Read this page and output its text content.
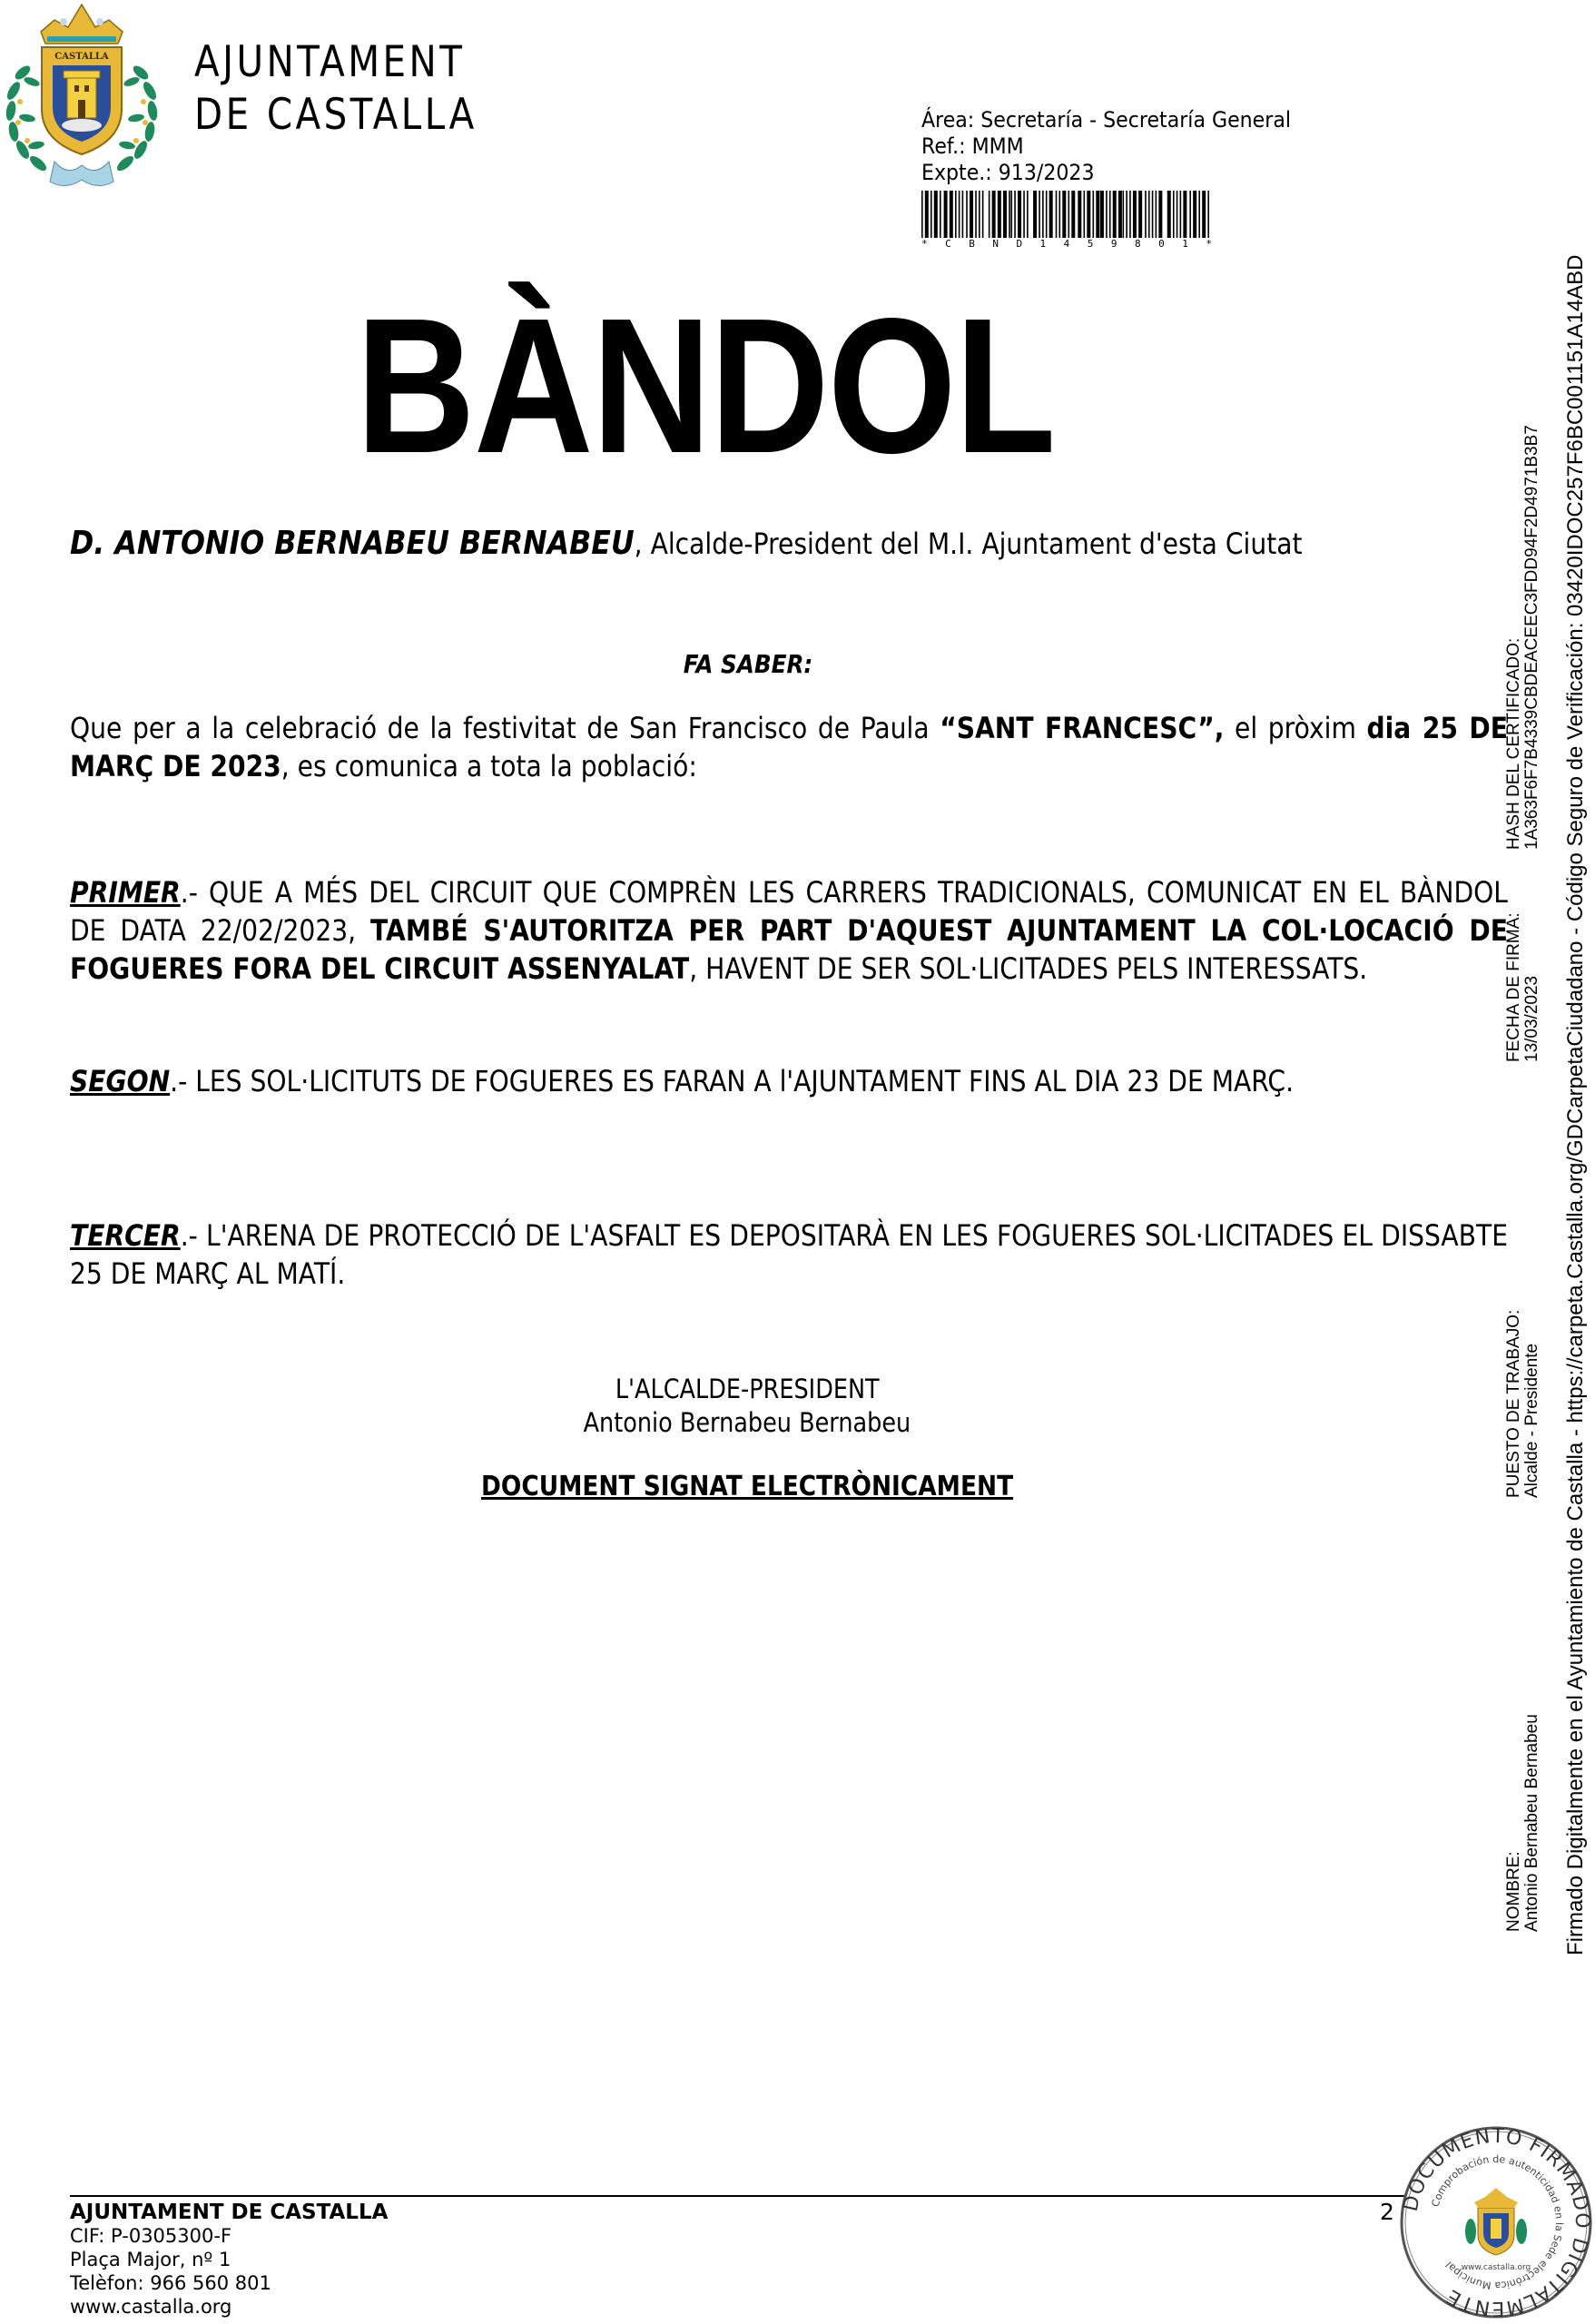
CASTALLA AJUNTAMENT
DE CASTALLA	Área: Secretaría - Secretaría General
Ref.: MMM
Expte.: 913/2023
* C B N D 1 4 5 9 8 0 1 *
BÀNDOL
D. ANTONIO BERNABEU BERNABEU, Alcalde-President del M.I. Ajuntament d'esta Ciutat
FA SABER:
Que per a la celebració de la festivitat de San Francisco de Paula “SANT FRANCESC”, el pròxim dia 25 DE MARÇ DE 2023, es comunica a tota la població:
PRIMER.- QUE A MÉS DEL CIRCUIT QUE COMPRÈN LES CARRERS TRADICIONALS, COMUNICAT EN EL BÀNDOL DE DATA 22/02/2023, TAMBÉ S'AUTORITZA PER PART D'AQUEST AJUNTAMENT LA COL·LOCACIÓ DE FOGUERES FORA DEL CIRCUIT ASSENYALAT, HAVENT DE SER SOL·LICITADES PELS INTERESSATS.
SEGON.- LES SOL·LICITUTS DE FOGUERES ES FARAN A l'AJUNTAMENT FINS AL DIA 23 DE MARÇ.
TERCER.- L'ARENA DE PROTECCIÓ DE L'ASFALT ES DEPOSITARÀ EN LES FOGUERES SOL·LICITADES EL DISSABTE 25 DE MARÇ AL MATÍ.
L'ALCALDE-PRESIDENT
Antonio Bernabeu Bernabeu
DOCUMENT SIGNAT ELECTRÒNICAMENT
NOMBRE: Antonio Bernabeu Bernabeu
PUESTO DE TRABAJO: Alcalde - Presidente
FECHA DE FIRMA: 13/03/2023
HASH DEL CERTIFICADO: 1A363F6F7B4339CBDEACEEC3FDD94F2D4971B3B7 Firmado Digitalmente en el Ayuntamiento de Castalla - https://carpeta.Castalla.org/GDCarpetaCiudadano - Código Seguro de Verificación: 03420IDOC257F6BC001151A14ABD
AJUNTAMENT DE CASTALLA
CIF: P-0305300-F
Plaça Major, nº 1
Telèfon: 966 560 801
www.castalla.org
2 DOCUMENTO FIRMADO DIGITALMENTE
Comprobación de autenticidad en la Sede electrónica Municipal www.castalla.org
